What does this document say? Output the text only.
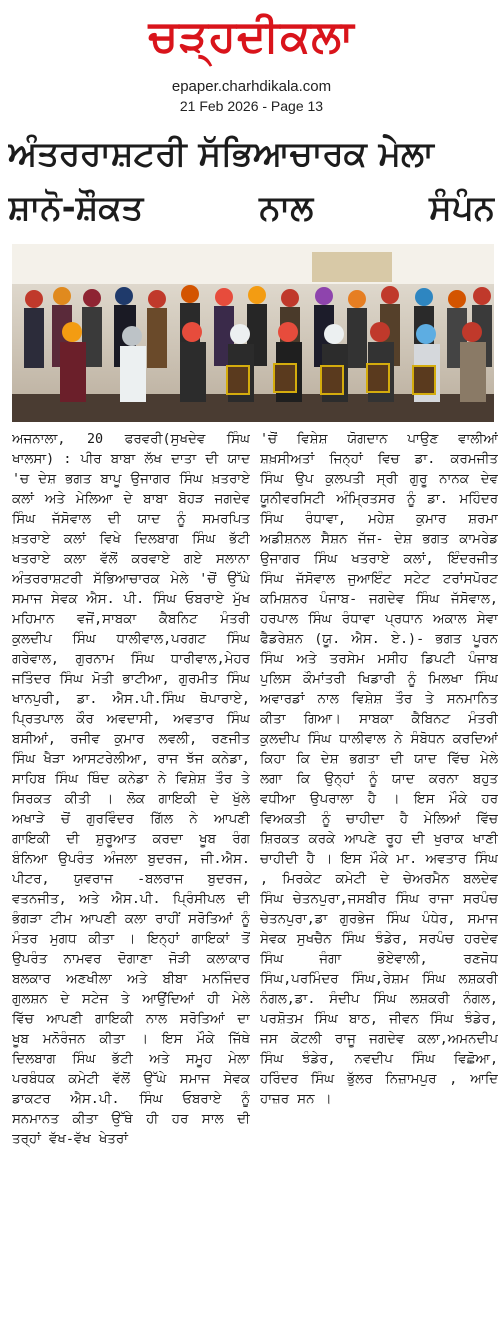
ਚੜ੍ਹਦੀਕਲਾ
epaper.charhdikala.com
21 Feb 2026 - Page 13
ਅੰਤਰਰਾਸ਼ਟਰੀ ਸੱਭਿਆਚਾਰਕ ਮੇਲਾ
ਸ਼ਾਨੋ-ਸ਼ੌਕਤ ਨਾਲ ਸੰਪੰਨ

ਅਜਨਾਲਾ, 20 ਫਰਵਰੀ(ਸੁਖਦੇਵ ਸਿੰਘ ਖਾਲਸਾ) : ਪੀਰ ਬਾਬਾ ਲੱਖ ਦਾਤਾ ਦੀ ਯਾਦ 'ਚ ਦੇਸ਼ ਭਗਤ ਬਾਪੂ ਉਜਾਗਰ ਸਿੰਘ ਖ਼ਤਰਾਏ ਕਲਾਂ ਅਤੇ ਮੇਲਿਆ ਦੇ ਬਾਬਾ ਬੋਹੜ ਜਗਦੇਵ ਸਿੰਘ ਜੱਸੋਵਾਲ ਦੀ ਯਾਦ ਨੂੰ ਸਮਰਪਿਤ ਖ਼ਤਰਾਏ ਕਲਾਂ ਵਿਖੇ ਦਿਲਬਾਗ ਸਿੰਘ ਭੱਟੀ ਖਤਰਾਏ ਕਲਾ ਵੱਲੋਂ ਕਰਵਾਏ ਗਏ ਸਲਾਨਾ ਅੰਤਰਰਾਸ਼ਟਰੀ ਸੱਭਿਆਚਾਰਕ ਮੇਲੇ 'ਚੋਂ ਉੱਘੇ ਸਮਾਜ ਸੇਵਕ ਐਸ. ਪੀ. ਸਿੰਘ ਓਬਰਾਏ ਮੁੱਖ ਮਹਿਮਾਨ ਵਜੋਂ,ਸਾਬਕਾ ਕੈਬਨਿਟ ਮੰਤਰੀ ਕੁਲਦੀਪ ਸਿੰਘ ਧਾਲੀਵਾਲ,ਪਰਗਟ ਸਿੰਘ ਗਰੇਵਾਲ, ਗੁਰਨਾਮ ਸਿੰਘ ਧਾਰੀਵਾਲ,ਮੇਹਰ ਜਤਿੰਦਰ ਸਿੰਘ ਮੋਤੀ ਭਾਟੀਆ, ਗੁਰਮੀਤ ਸਿੰਘ ਖਾਨਪੁਰੀ, ਡਾ. ਐਸ.ਪੀ.ਸਿੰਘ ਥੋਪਾਰਾਏ, ਪ੍ਰਿਤਪਾਲ ਕੌਰ ਅਵਦਾਸੀ, ਅਵਤਾਰ ਸਿੰਘ ਬਸੀਆਂ, ਰਜੀਵ ਕੁਮਾਰ ਲਵਲੀ, ਰਣਜੀਤ ਸਿੰਘ ਖੈੜਾ ਆਸਟਰੇਲੀਆ, ਰਾਜ ਝੱਜ ਕਨੇਡਾ, ਸਾਹਿਬ ਸਿੰਘ ਥਿੰਦ ਕਨੇਡਾ ਨੇ ਵਿਸ਼ੇਸ਼ ਤੌਰ ਤੇ ਸਿਰਕਤ ਕੀਤੀ । ਲੋਕ ਗਾਇਕੀ ਦੇ ਖੁੱਲੇ ਅਖਾੜੇ ਚੋਂ ਗੁਰਵਿੰਦਰ ਗਿੱਲ ਨੇ ਆਪਣੀ ਗਾਇਕੀ ਦੀ ਸ਼ੁਰੂਆਤ ਕਰਦਾ ਖੂਬ ਰੰਗ ਬੰਨਿਆ ਉਪਰੰਤ ਅੰਜਲਾ ਬੁਦਰਜ, ਜੀ.ਐਸ. ਪੀਟਰ, ਯੁਵਰਾਜ -ਬਲਰਾਜ ਬੁਦਰਜ, ਵਤਨਜੀਤ, ਅਤੇ ਐਸ.ਪੀ. ਪ੍ਰਿੰਸੀਪਲ ਦੀ ਭੰਗੜਾ ਟੀਮ ਆਪਣੀ ਕਲਾ ਰਾਹੀਂ ਸਰੋਤਿਆਂ ਨੂੰ ਮੰਤਰ ਮੁਗਧ ਕੀਤਾ । ਇਨ੍ਹਾਂ ਗਾਇਕਾਂ ਤੋਂ ਉਪਰੰਤ ਨਾਮਵਰ ਦੋਗਾਣਾ ਜੋੜੀ ਕਲਾਕਾਰ ਬਲਕਾਰ ਅਣਖੀਲਾ ਅਤੇ ਬੀਬਾ ਮਨਜਿੰਦਰ ਗੁਲਸ਼ਨ ਦੇ ਸਟੇਜ ਤੇ ਆਉਂਦਿਆਂ ਹੀ ਮੇਲੇ ਵਿੱਚ ਆਪਣੀ ਗਾਇਕੀ ਨਾਲ ਸਰੋਤਿਆਂ ਦਾ ਖੂਬ ਮਨੋਰੰਜਨ ਕੀਤਾ । ਇਸ ਮੌਕੇ ਜਿੱਥੇ ਦਿਲਬਾਗ ਸਿੰਘ ਭੱਟੀ ਅਤੇ ਸਮੂਹ ਮੇਲਾ ਪਰਬੰਧਕ ਕਮੇਟੀ ਵੱਲੋਂ ਉੱਘੇ ਸਮਾਜ ਸੇਵਕ ਡਾਕਟਰ ਐਸ.ਪੀ. ਸਿੰਘ ਓਬਰਾਏ ਨੂੰ ਸਨਮਾਨਤ ਕੀਤਾ ਉੱਥੇ ਹੀ ਹਰ ਸਾਲ ਦੀ ਤਰ੍ਹਾਂ ਵੱਖ-ਵੱਖ ਖੇਤਰਾਂ

'ਚੋਂ ਵਿਸ਼ੇਸ਼ ਯੋਗਦਾਨ ਪਾਉਣ ਵਾਲੀਆਂ ਸ਼ਖ਼ਸੀਅਤਾਂ ਜਿਨ੍ਹਾਂ ਵਿਚ ਡਾ. ਕਰਮਜੀਤ ਸਿੰਘ ਉਪ ਕੁਲਪਤੀ ਸ੍ਰੀ ਗੁਰੂ ਨਾਨਕ ਦੇਵ ਯੂਨੀਵਰਸਿਟੀ ਅੰਮ੍ਰਿਤਸਰ ਨੂੰ ਡਾ. ਮਹਿੰਦਰ ਸਿੰਘ ਰੰਧਾਵਾ, ਮਹੇਸ਼ ਕੁਮਾਰ ਸ਼ਰਮਾ ਅਡੀਸ਼ਨਲ ਸੈਸ਼ਨ ਜੱਜ- ਦੇਸ਼ ਭਗਤ ਕਾਮਰੇਡ ਉਜਾਗਰ ਸਿੰਘ ਖਤਰਾਏ ਕਲਾਂ, ਇੰਦਰਜੀਤ ਸਿੰਘ ਜੱਸੋਵਾਲ ਜੁਆਇੰਟ ਸਟੇਟ ਟਰਾਂਸਪੋਰਟ ਕਮਿਸ਼ਨਰ ਪੰਜਾਬ- ਜਗਦੇਵ ਸਿੰਘ ਜੱਸੋਵਾਲ, ਹਰਪਾਲ ਸਿੰਘ ਰੰਧਾਵਾ ਪ੍ਰਧਾਨ ਅਕਾਲ ਸੇਵਾ ਫੈਡਰੇਸ਼ਨ (ਯੂ. ਐਸ. ਏ.)- ਭਗਤ ਪੂਰਨ ਸਿੰਘ ਅਤੇ ਤਰਸੇਮ ਮਸੀਹ ਡਿਪਟੀ ਪੰਜਾਬ ਪੁਲਿਸ ਕੌਮਾਂਤਰੀ ਖਿਡਾਰੀ ਨੂੰ ਮਿਲਖਾ ਸਿੰਘ ਅਵਾਰਡਾਂ ਨਾਲ ਵਿਸ਼ੇਸ਼ ਤੌਰ ਤੇ ਸਨਮਾਨਿਤ ਕੀਤਾ ਗਿਆ। ਸਾਬਕਾ ਕੈਬਿਨਟ ਮੰਤਰੀ ਕੁਲਦੀਪ ਸਿੰਘ ਧਾਲੀਵਾਲ ਨੇ ਸੰਬੋਧਨ ਕਰਦਿਆਂ ਕਿਹਾ ਕਿ ਦੇਸ਼ ਭਗਤਾ ਦੀ ਯਾਦ ਵਿੱਚ ਮੇਲੇ ਲਗਾ ਕਿ ਉਨ੍ਹਾਂ ਨੂੰ ਯਾਦ ਕਰਨਾ ਬਹੁਤ ਵਧੀਆ ਉਪਰਾਲਾ ਹੈ । ਇਸ ਮੌਕੇ ਹਰ ਵਿਅਕਤੀ ਨੂੰ ਚਾਹੀਦਾ ਹੈ ਮੇਲਿਆਂ ਵਿੱਚ ਸ਼ਿਰਕਤ ਕਰਕੇ ਆਪਣੇ ਰੂਹ ਦੀ ਖੁਰਾਕ ਖਾਣੀ ਚਾਹੀਦੀ ਹੈ । ਇਸ ਮੌਕੇ ਮਾ. ਅਵਤਾਰ ਸਿੰਘ , ਮਿਰਕੇਟ ਕਮੇਟੀ ਦੇ ਚੇਅਰਮੈਨ ਬਲਦੇਵ ਸਿੰਘ ਚੇਤਨਪੁਰਾ,ਜਸਬੀਰ ਸਿੰਘ ਰਾਜਾ ਸਰਪੰਚ ਚੇਤਨਪੁਰਾ,ਡਾ ਗੁਰਭੇਜ ਸਿੰਘ ਪੰਧੇਰ, ਸਮਾਜ ਸੇਵਕ ਸੁਖਚੈਨ ਸਿੰਘ ਝੰਡੇਰ, ਸਰਪੰਚ ਹਰਦੇਵ ਸਿੰਘ ਜੰਗਾ ਭੋਏਵਾਲੀ, ਰਣਜੋਧ ਸਿੰਘ,ਪਰਮਿੰਦਰ ਸਿੰਘ,ਰੇਸ਼ਮ ਸਿੰਘ ਲਸ਼ਕਰੀ ਨੰਗਲ,ਡਾ. ਸੰਦੀਪ ਸਿੰਘ ਲਸ਼ਕਰੀ ਨੰਗਲ, ਪਰਸ਼ੋਤਮ ਸਿੰਘ ਬਾਠ, ਜੀਵਨ ਸਿੰਘ ਝੰਡੇਰ, ਜਸ ਕੋਟਲੀ ਰਾਜੂ ਜਗਦੇਵ ਕਲਾ,ਅਮਨਦੀਪ ਸਿੰਘ ਝੰਡੇਰ, ਨਵਦੀਪ ਸਿੰਘ ਵਿਛੋਆ, ਹਰਿੰਦਰ ਸਿੰਘ ਭੁੱਲਰ ਨਿਜ਼ਾਮਪੁਰ , ਆਦਿ ਹਾਜ਼ਰ ਸਨ ।
